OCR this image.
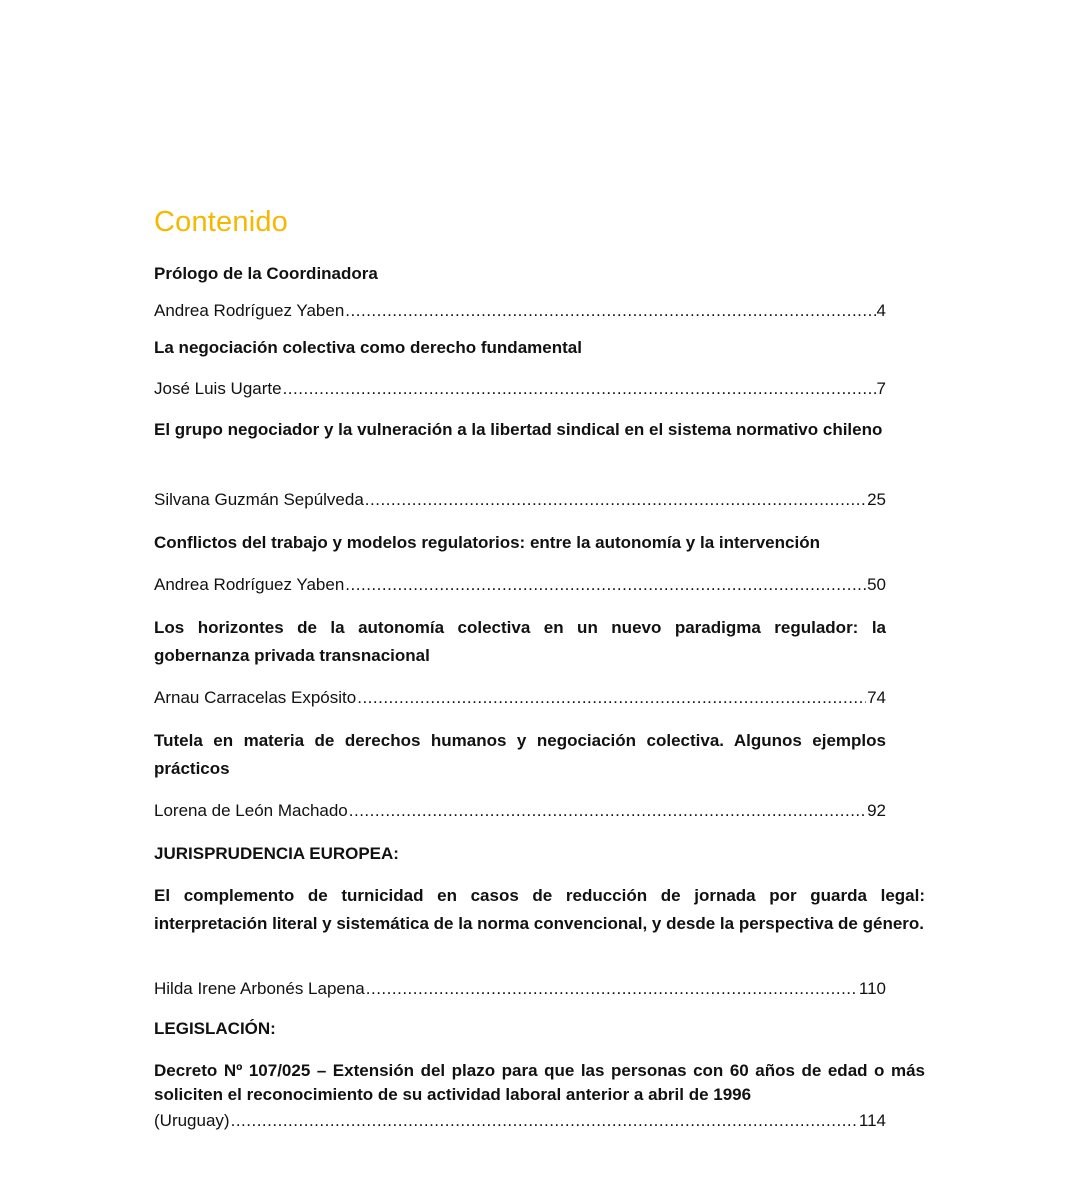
Contenido
Prólogo de la Coordinadora
Andrea Rodríguez Yaben .....	4
La negociación colectiva como derecho fundamental
José Luis Ugarte .....	7
El grupo negociador y la vulneración a la libertad sindical en el sistema normativo chileno
Silvana Guzmán Sepúlveda .....	25
Conflictos del trabajo y modelos regulatorios: entre la autonomía y la intervención
Andrea Rodríguez Yaben .....	50
Los horizontes de la autonomía colectiva en un nuevo paradigma regulador: la gobernanza privada transnacional
Arnau Carracelas Expósito .....	74
Tutela en materia de derechos humanos y negociación colectiva. Algunos ejemplos prácticos
Lorena de León Machado .....	92
JURISPRUDENCIA EUROPEA:
El complemento de turnicidad en casos de reducción de jornada por guarda legal: interpretación literal y sistemática de la norma convencional, y desde la perspectiva de género.
Hilda Irene Arbonés Lapena .....	110
LEGISLACIÓN:
Decreto Nº 107/025 – Extensión del plazo para que las personas con 60 años de edad o más soliciten el reconocimiento de su actividad laboral anterior a abril de 1996
(Uruguay) .....	114
